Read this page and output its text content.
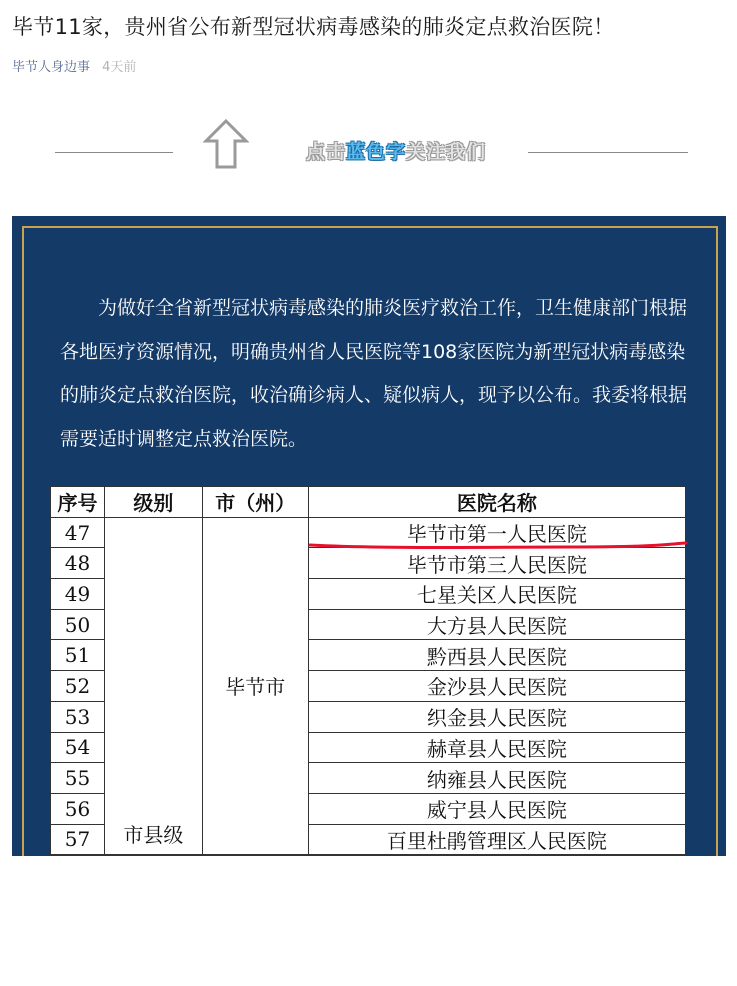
毕节11家，贵州省公布新型冠状病毒感染的肺炎定点救治医院！
毕节人身边事 4天前
点击蓝色字关注我们

为做好全省新型冠状病毒感染的肺炎医疗救治工作，卫生健康部门根据各地医疗资源情况，明确贵州省人民医院等108家医院为新型冠状病毒感染的肺炎定点救治医院，收治确诊病人、疑似病人，现予以公布。我委将根据需要适时调整定点救治医院。

序号	级别	市（州）	医院名称
47	市县级	毕节市	毕节市第一人民医院
48			毕节市第三人民医院
49			七星关区人民医院
50			大方县人民医院
51			黔西县人民医院
52			金沙县人民医院
53			织金县人民医院
54			赫章县人民医院
55			纳雍县人民医院
56			威宁县人民医院
57			百里杜鹃管理区人民医院
